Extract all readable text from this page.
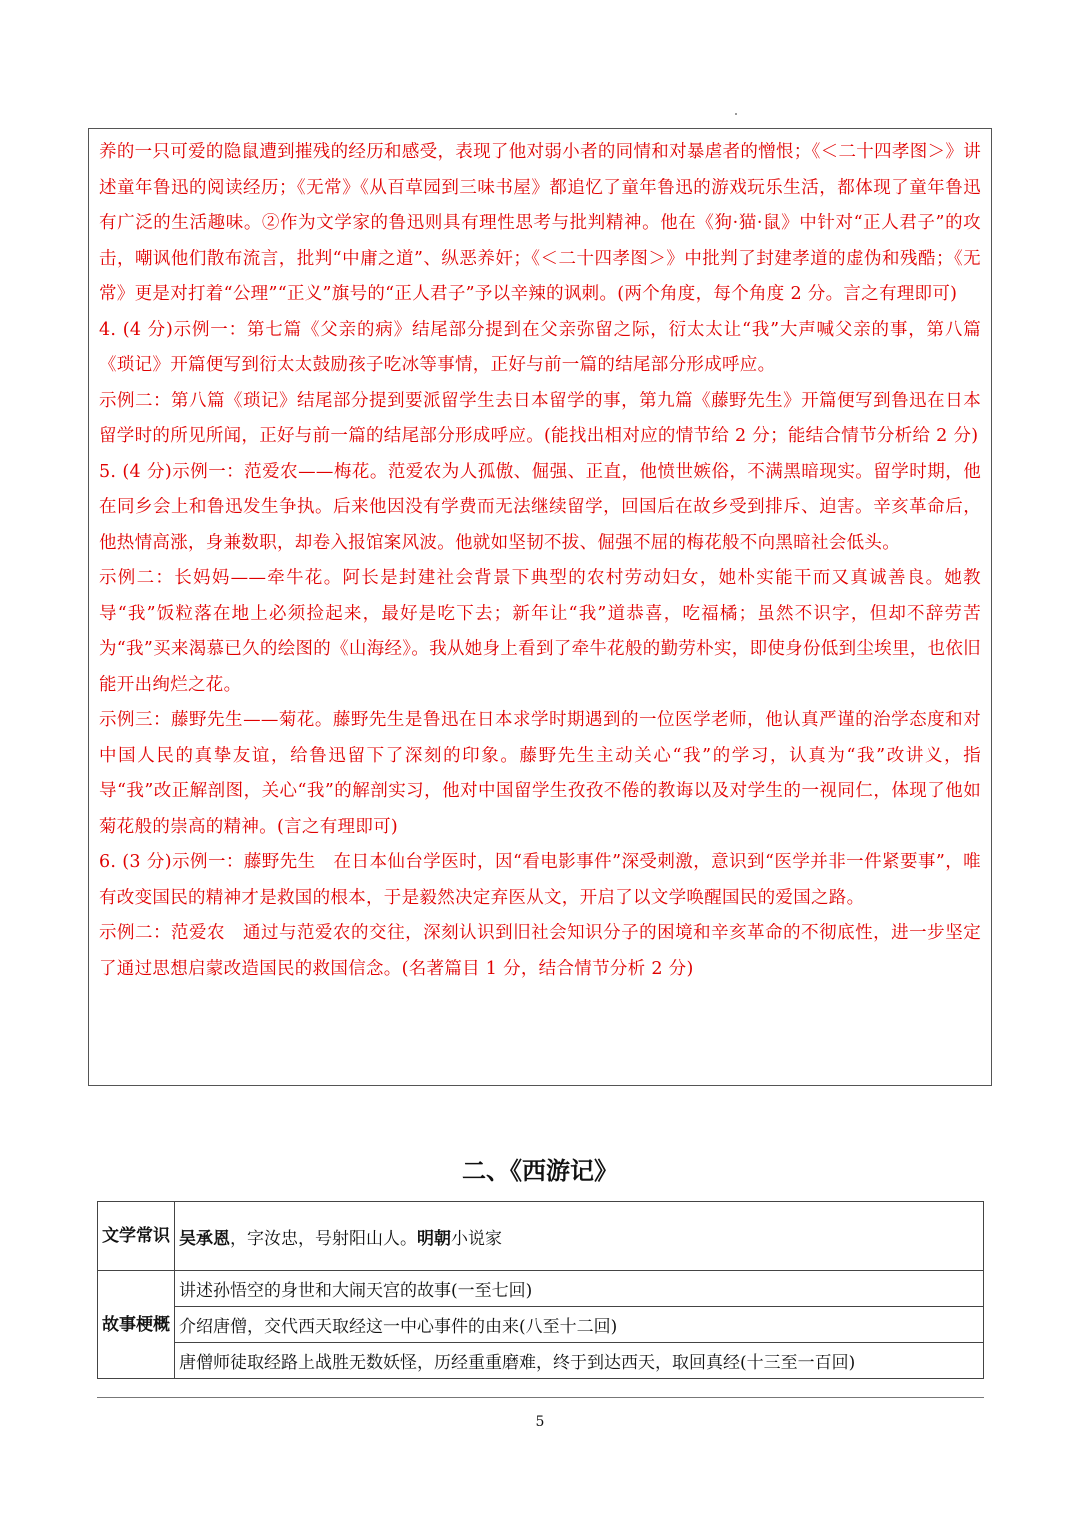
养的一只可爱的隐鼠遭到摧残的经历和感受，表现了他对弱小者的同情和对暴虐者的憎恨；《＜二十四孝图＞》讲述童年鲁迅的阅读经历；《无常》《从百草园到三味书屋》都追忆了童年鲁迅的游戏玩乐生活，都体现了童年鲁迅有广泛的生活趣味。②作为文学家的鲁迅则具有理性思考与批判精神。他在《狗·猫·鼠》中针对“正人君子”的攻击，嘲讽他们散布流言，批判“中庸之道”、纵恶养奸；《＜二十四孝图＞》中批判了封建孝道的虚伪和残酷；《无常》更是对打着“公理”“正义”旗号的“正人君子”予以辛辣的讽刺。(两个角度，每个角度 2 分。言之有理即可)

4. (4 分)示例一：第七篇《父亲的病》结尾部分提到在父亲弥留之际，衍太太让“我”大声喊父亲的事，第八篇《琐记》开篇便写到衍太太鼓励孩子吃冰等事情，正好与前一篇的结尾部分形成呼应。

示例二：第八篇《琐记》结尾部分提到要派留学生去日本留学的事，第九篇《藤野先生》开篇便写到鲁迅在日本留学时的所见所闻，正好与前一篇的结尾部分形成呼应。(能找出相对应的情节给 2 分；能结合情节分析给 2 分)

5. (4 分)示例一：范爱农——梅花。范爱农为人孤傲、倔强、正直，他愤世嫉俗，不满黑暗现实。留学时期，他在同乡会上和鲁迅发生争执。后来他因没有学费而无法继续留学，回国后在故乡受到排斥、迫害。辛亥革命后，他热情高涨，身兼数职，却卷入报馆案风波。他就如坚韧不拔、倔强不屈的梅花般不向黑暗社会低头。

示例二：长妈妈——牵牛花。阿长是封建社会背景下典型的农村劳动妇女，她朴实能干而又真诚善良。她教导“我”饭粒落在地上必须捡起来，最好是吃下去；新年让“我”道恭喜，吃福橘；虽然不识字，但却不辞劳苦为“我”买来渴慕已久的绘图的《山海经》。我从她身上看到了牵牛花般的勤劳朴实，即使身份低到尘埃里，也依旧能开出绚烂之花。

示例三：藤野先生——菊花。藤野先生是鲁迅在日本求学时期遇到的一位医学老师，他认真严谨的治学态度和对中国人民的真挚友谊，给鲁迅留下了深刻的印象。藤野先生主动关心“我”的学习，认真为“我”改讲义，指导“我”改正解剖图，关心“我”的解剖实习，他对中国留学生孜孜不倦的教诲以及对学生的一视同仁，体现了他如菊花般的崇高的精神。(言之有理即可)

6. (3 分)示例一：藤野先生　在日本仙台学医时，因“看电影事件”深受刺激，意识到“医学并非一件紧要事”，唯有改变国民的精神才是救国的根本，于是毅然决定弃医从文，开启了以文学唤醒国民的爱国之路。

示例二：范爱农　通过与范爱农的交往，深刻认识到旧社会知识分子的困境和辛亥革命的不彻底性，进一步坚定了通过思想启蒙改造国民的救国信念。(名著篇目 1 分，结合情节分析 2 分)

二、《西游记》
文学常识	吴承恩，字汝忠，号射阳山人。明朝小说家
故事梗概	讲述孙悟空的身世和大闹天宫的故事(一至七回)
	介绍唐僧，交代西天取经这一中心事件的由来(八至十二回)
	唐僧师徒取经路上战胜无数妖怪，历经重重磨难，终于到达西天，取回真经(十三至一百回)
5
